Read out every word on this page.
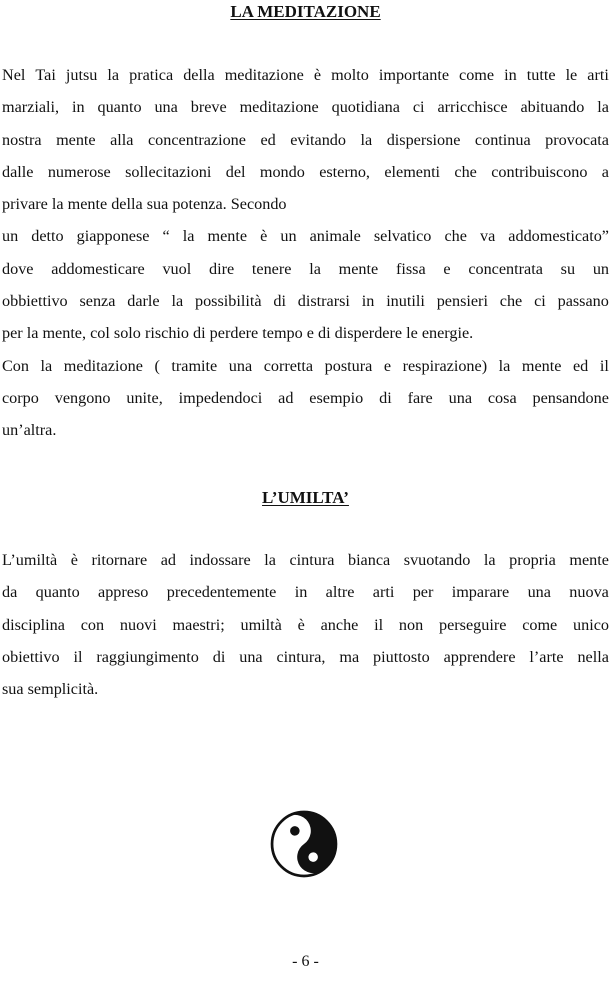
LA MEDITAZIONE
Nel Tai jutsu la pratica della meditazione è molto importante come in tutte le arti
marziali, in quanto una breve meditazione quotidiana ci arricchisce abituando la
nostra mente alla concentrazione ed evitando la dispersione continua provocata
dalle numerose sollecitazioni del mondo esterno, elementi che contribuiscono a
privare la mente della sua potenza. Secondo
un detto giapponese “ la mente è un animale selvatico che va addomesticato”
dove addomesticare vuol dire tenere la mente fissa e concentrata su un
obbiettivo senza darle la possibilità di distrarsi in inutili pensieri che ci passano
per la mente, col solo rischio di perdere tempo e di disperdere le energie.
Con la meditazione ( tramite una corretta postura e respirazione) la mente ed il
corpo vengono unite, impedendoci ad esempio di fare una cosa pensandone
un’altra.
L’UMILTA’
L’umiltà è ritornare ad indossare la cintura bianca svuotando la propria mente
da quanto appreso precedentemente in altre arti per imparare una nuova
disciplina con nuovi maestri; umiltà è anche il non perseguire come unico
obiettivo il raggiungimento di una cintura, ma piuttosto apprendere l’arte nella
sua semplicità.

- 6 -
